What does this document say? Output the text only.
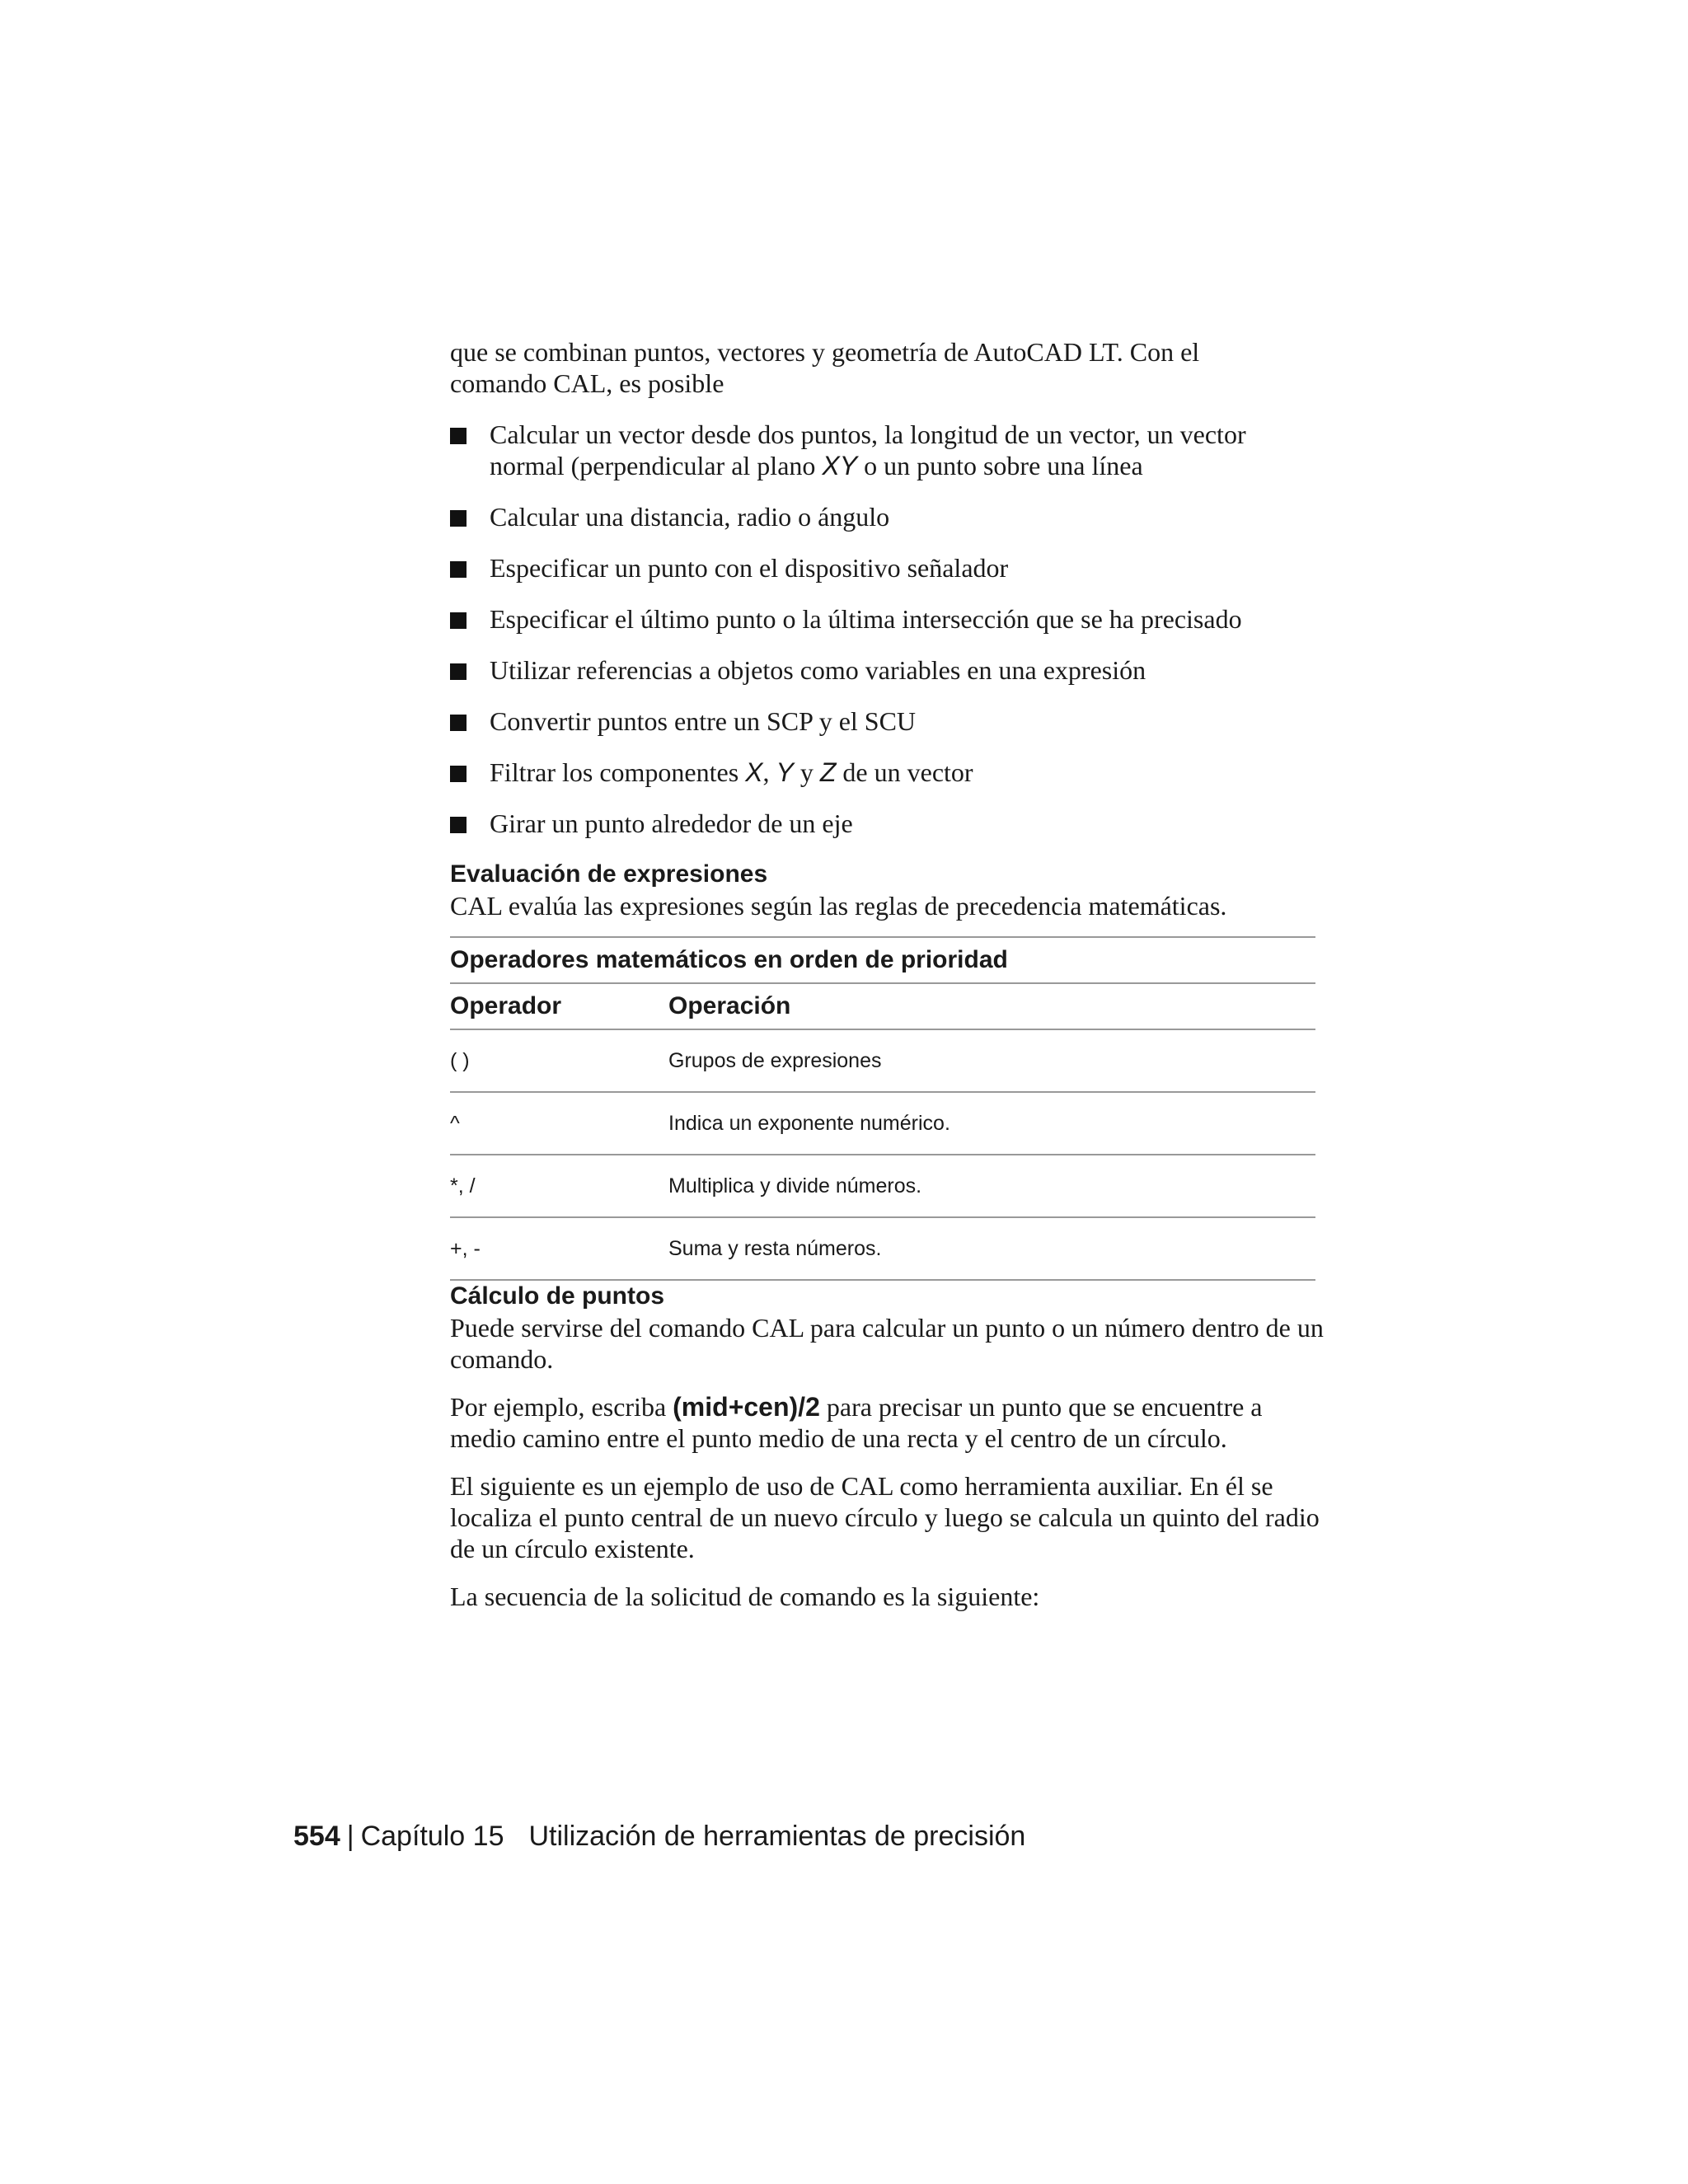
que se combinan puntos, vectores y geometría de AutoCAD LT. Con el
comando CAL, es posible

Calcular un vector desde dos puntos, la longitud de un vector, un vector normal (perpendicular al plano XY o un punto sobre una línea
Calcular una distancia, radio o ángulo
Especificar un punto con el dispositivo señalador
Especificar el último punto o la última intersección que se ha precisado
Utilizar referencias a objetos como variables en una expresión
Convertir puntos entre un SCP y el SCU
Filtrar los componentes X, Y y Z de un vector
Girar un punto alrededor de un eje
Evaluación de expresiones

CAL evalúa las expresiones según las reglas de precedencia matemáticas.

Operadores matemáticos en orden de prioridad	
Operador	Operación
( )	Grupos de expresiones
^	Indica un exponente numérico.
*, /	Multiplica y divide números.
+, -	Suma y resta números.
Cálculo de puntos

Puede servirse del comando CAL para calcular un punto o un número dentro de un comando.

Por ejemplo, escriba (mid+cen)/2 para precisar un punto que se encuentre a medio camino entre el punto medio de una recta y el centro de un círculo.

El siguiente es un ejemplo de uso de CAL como herramienta auxiliar. En él se localiza el punto central de un nuevo círculo y luego se calcula un quinto del radio de un círculo existente.

La secuencia de la solicitud de comando es la siguiente:

554 | Capítulo 15 Utilización de herramientas de precisión
